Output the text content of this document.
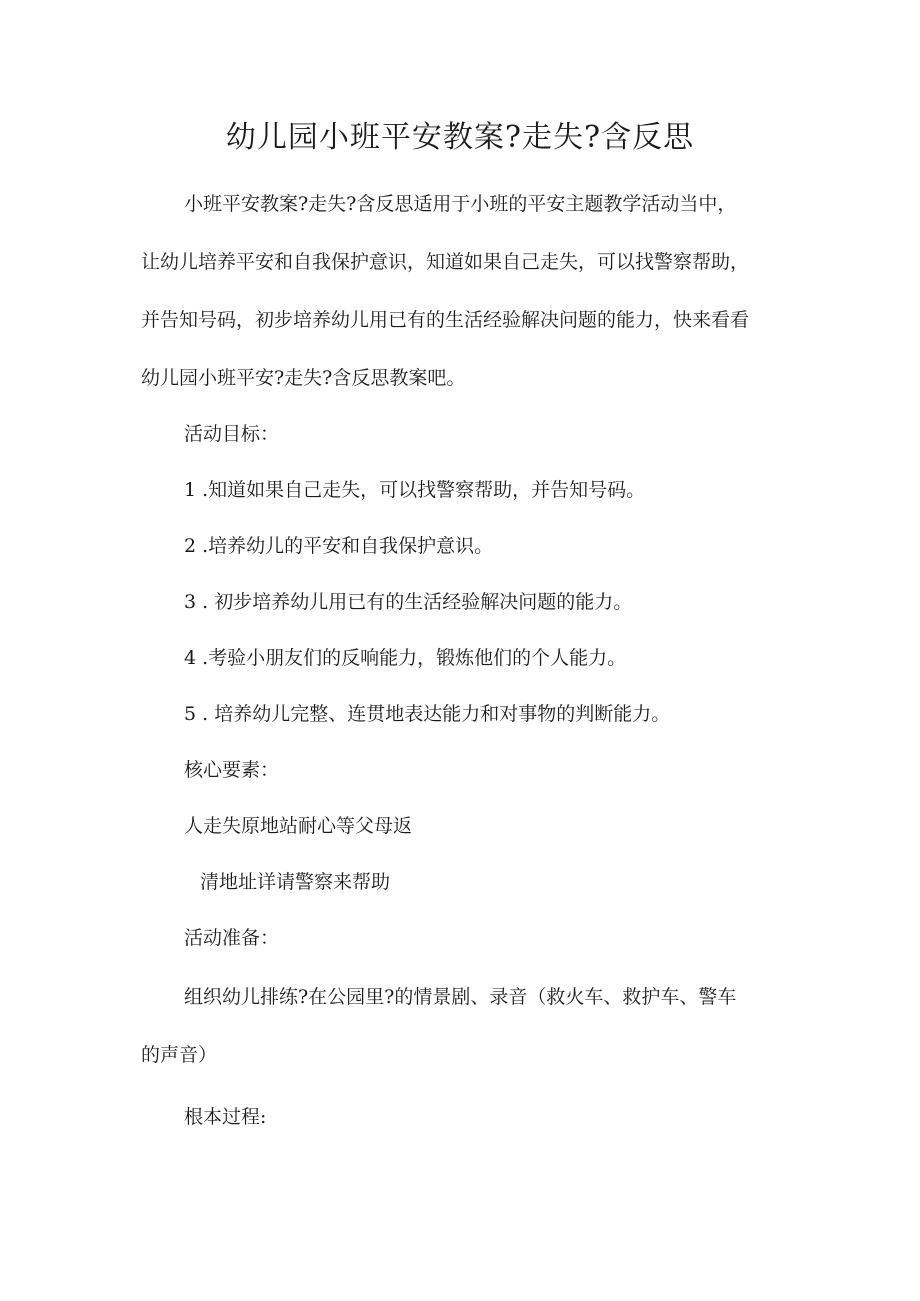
幼儿园小班平安教案?走失?含反思

小班平安教案?走失?含反思适用于小班的平安主题教学活动当中，

让幼儿培养平安和自我保护意识，知道如果自己走失，可以找警察帮助，

并告知号码，初步培养幼儿用已有的生活经验解决问题的能力，快来看看

幼儿园小班平安?走失?含反思教案吧。

活动目标：

1 .知道如果自己走失，可以找警察帮助，并告知号码。

2 .培养幼儿的平安和自我保护意识。

3 . 初步培养幼儿用已有的生活经验解决问题的能力。

4 .考验小朋友们的反响能力，锻炼他们的个人能力。

5 . 培养幼儿完整、连贯地表达能力和对事物的判断能力。

核心要素：

人走失原地站耐心等父母返

清地址详请警察来帮助

活动准备：

组织幼儿排练?在公园里?的情景剧、录音（救火车、救护车、警车

的声音）

根本过程:
